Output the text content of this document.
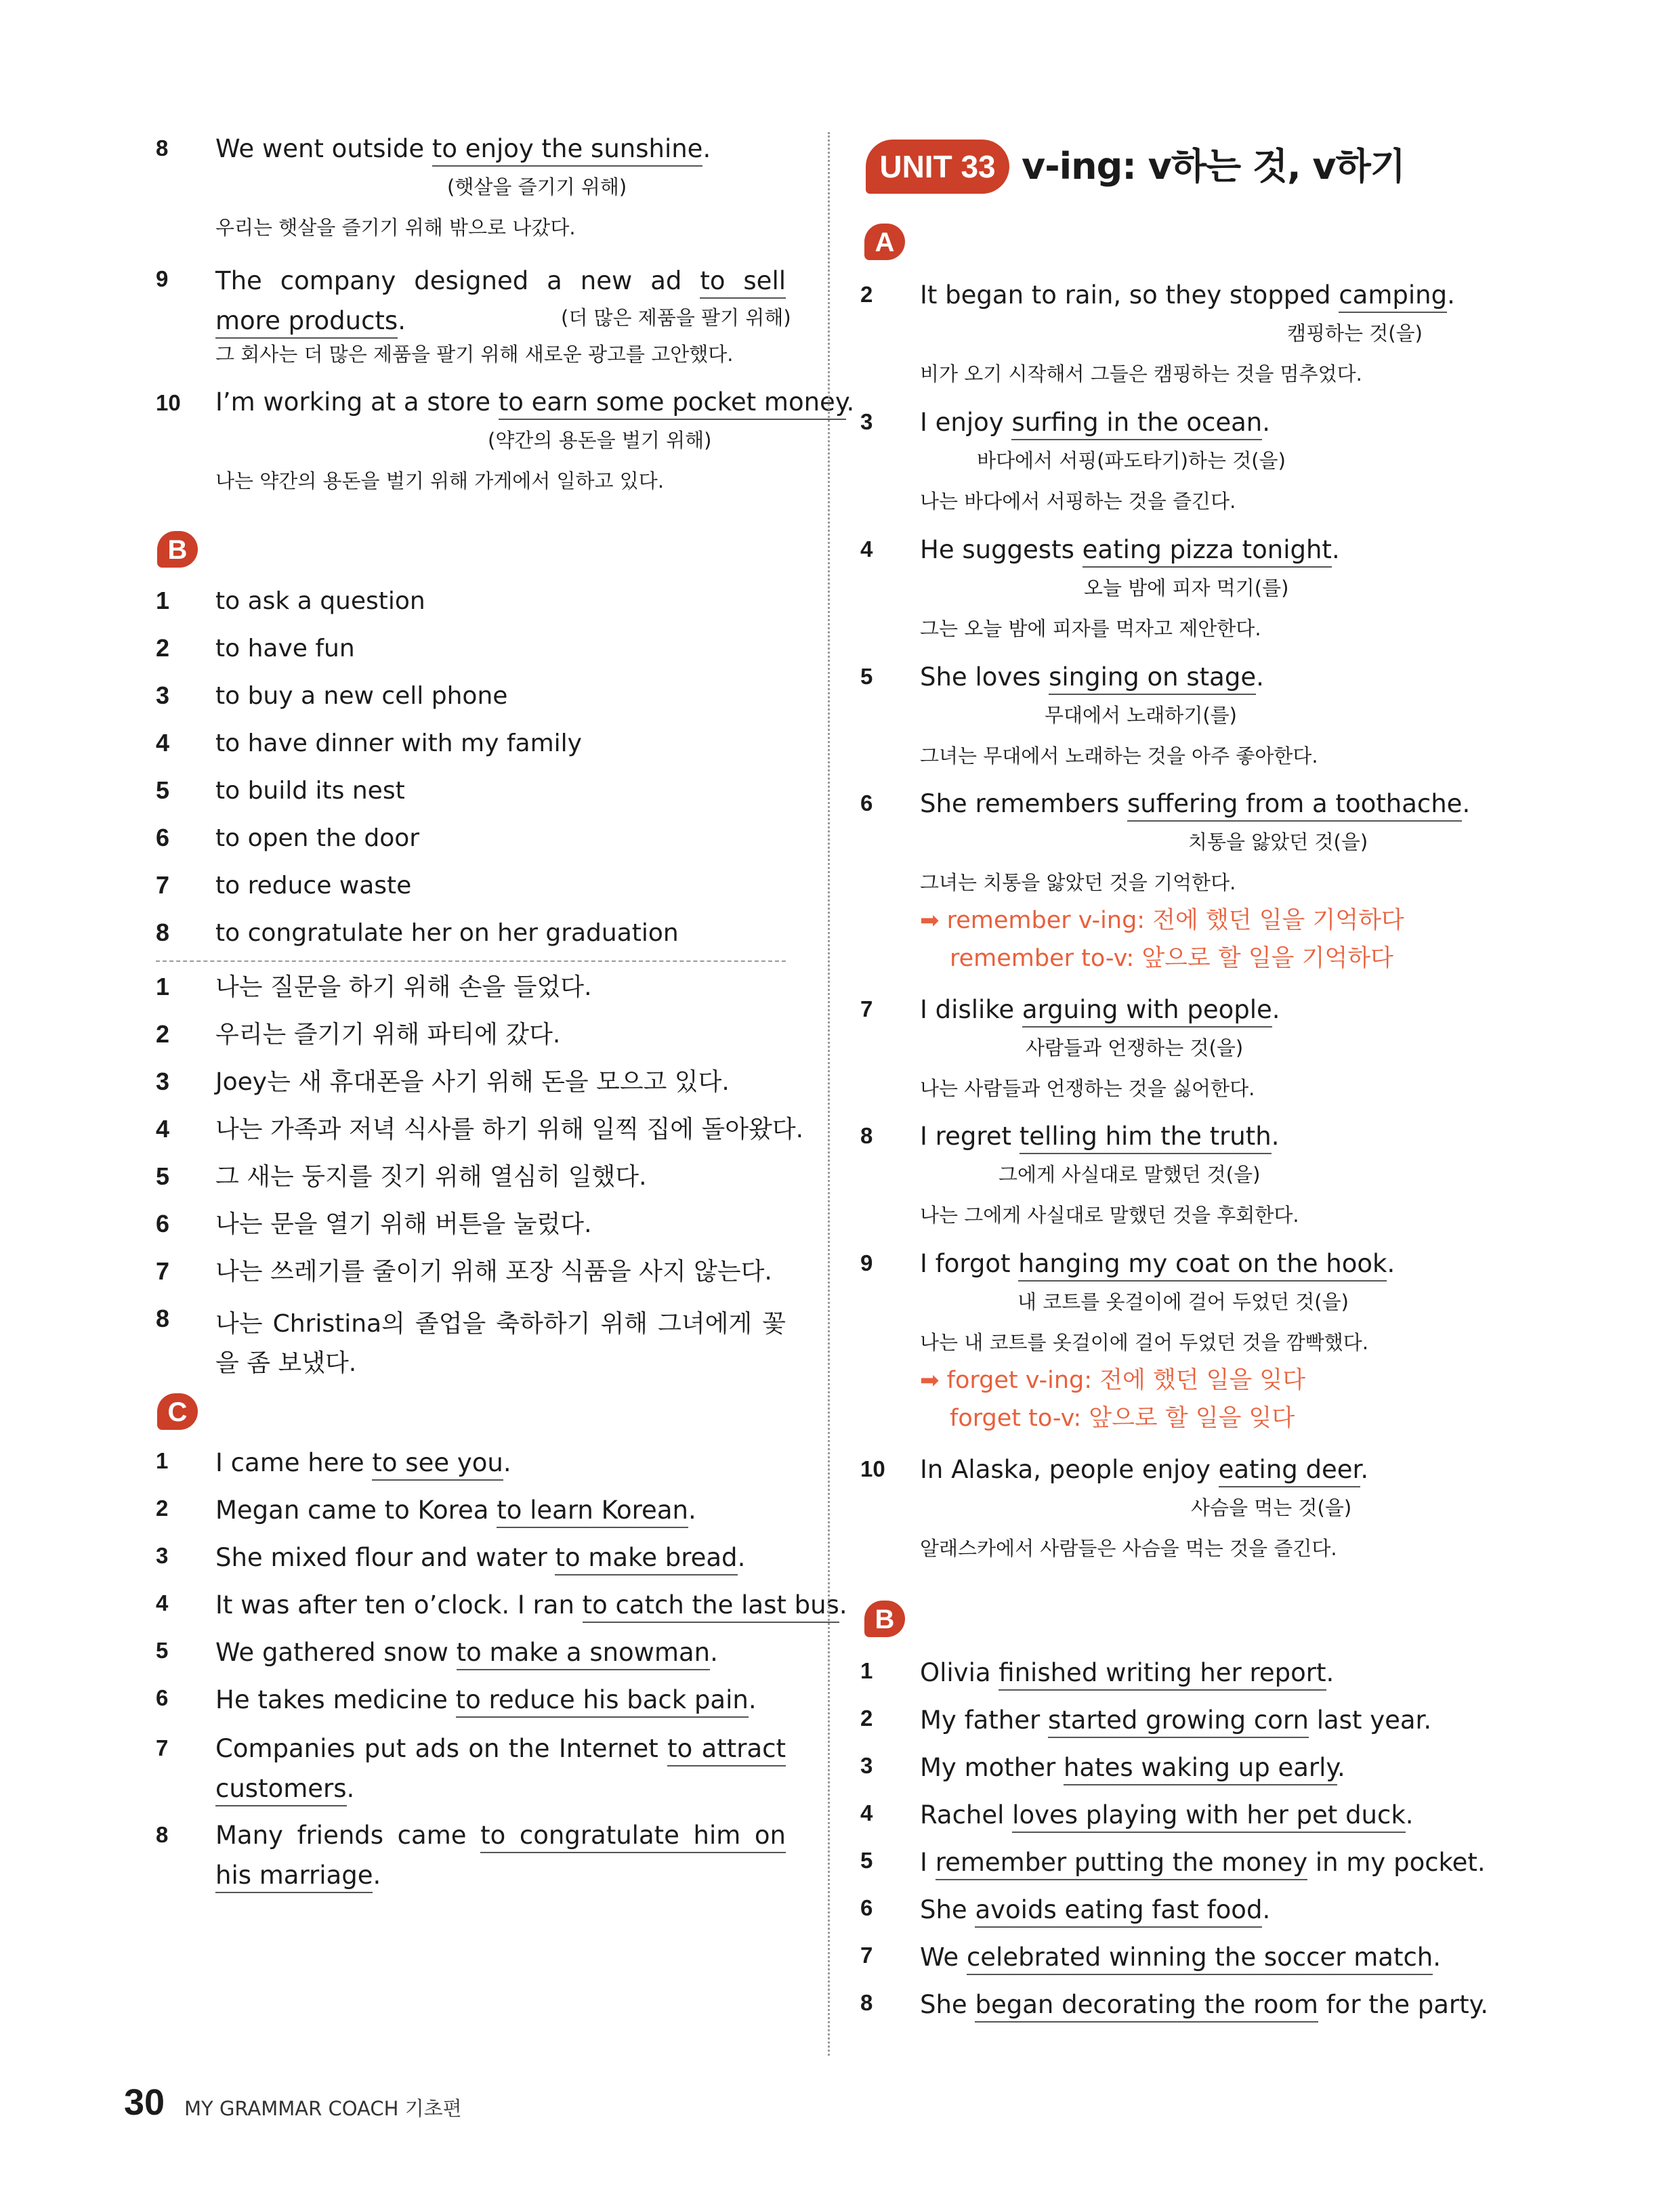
8	We went outside to enjoy the sunshine.
(햇살을 즐기기 위해)
우리는 햇살을 즐기기 위해 밖으로 나갔다.
9	The company designed a new ad to sell more products.	(더 많은 제품을 팔기 위해)
그 회사는 더 많은 제품을 팔기 위해 새로운 광고를 고안했다.
10	I’m working at a store to earn some pocket money.
(약간의 용돈을 벌기 위해)
나는 약간의 용돈을 벌기 위해 가게에서 일하고 있다.
B
1	to ask a question
2	to have fun
3	to buy a new cell phone
4	to have dinner with my family
5	to build its nest
6	to open the door
7	to reduce waste
8	to congratulate her on her graduation
1	나는 질문을 하기 위해 손을 들었다.
2	우리는 즐기기 위해 파티에 갔다.
3	Joey는 새 휴대폰을 사기 위해 돈을 모으고 있다.
4	나는 가족과 저녁 식사를 하기 위해 일찍 집에 돌아왔다.
5	그 새는 둥지를 짓기 위해 열심히 일했다.
6	나는 문을 열기 위해 버튼을 눌렀다.
7	나는 쓰레기를 줄이기 위해 포장 식품을 사지 않는다.
8	나는 Christina의 졸업을 축하하기 위해 그녀에게 꽃을 좀 보냈다.
C
1	I came here to see you.
2	Megan came to Korea to learn Korean.
3	She mixed flour and water to make bread.
4	It was after ten o’clock. I ran to catch the last bus.
5	We gathered snow to make a snowman.
6	He takes medicine to reduce his back pain.
7	Companies put ads on the Internet to attract customers.
8	Many friends came to congratulate him on his marriage.
UNIT 33 v-ing: v하는 것, v하기
A
2	It began to rain, so they stopped camping.
캠핑하는 것(을)
비가 오기 시작해서 그들은 캠핑하는 것을 멈추었다.
3	I enjoy surfing in the ocean.
바다에서 서핑(파도타기)하는 것(을)
나는 바다에서 서핑하는 것을 즐긴다.
4	He suggests eating pizza tonight.
오늘 밤에 피자 먹기(를)
그는 오늘 밤에 피자를 먹자고 제안한다.
5	She loves singing on stage.
무대에서 노래하기(를)
그녀는 무대에서 노래하는 것을 아주 좋아한다.
6	She remembers suffering from a toothache.
치통을 앓았던 것(을)
그녀는 치통을 앓았던 것을 기억한다.
➡ remember v-ing: 전에 했던 일을 기억하다
remember to-v: 앞으로 할 일을 기억하다
7	I dislike arguing with people.
사람들과 언쟁하는 것(을)
나는 사람들과 언쟁하는 것을 싫어한다.
8	I regret telling him the truth.
그에게 사실대로 말했던 것(을)
나는 그에게 사실대로 말했던 것을 후회한다.
9	I forgot hanging my coat on the hook.
내 코트를 옷걸이에 걸어 두었던 것(을)
나는 내 코트를 옷걸이에 걸어 두었던 것을 깜빡했다.
➡ forget v-ing: 전에 했던 일을 잊다
forget to-v: 앞으로 할 일을 잊다
10	In Alaska, people enjoy eating deer.
사슴을 먹는 것(을)
알래스카에서 사람들은 사슴을 먹는 것을 즐긴다.
B
1	Olivia finished writing her report.
2	My father started growing corn last year.
3	My mother hates waking up early.
4	Rachel loves playing with her pet duck.
5	I remember putting the money in my pocket.
6	She avoids eating fast food.
7	We celebrated winning the soccer match.
8	She began decorating the room for the party.
30 MY GRAMMAR COACH 기초편
